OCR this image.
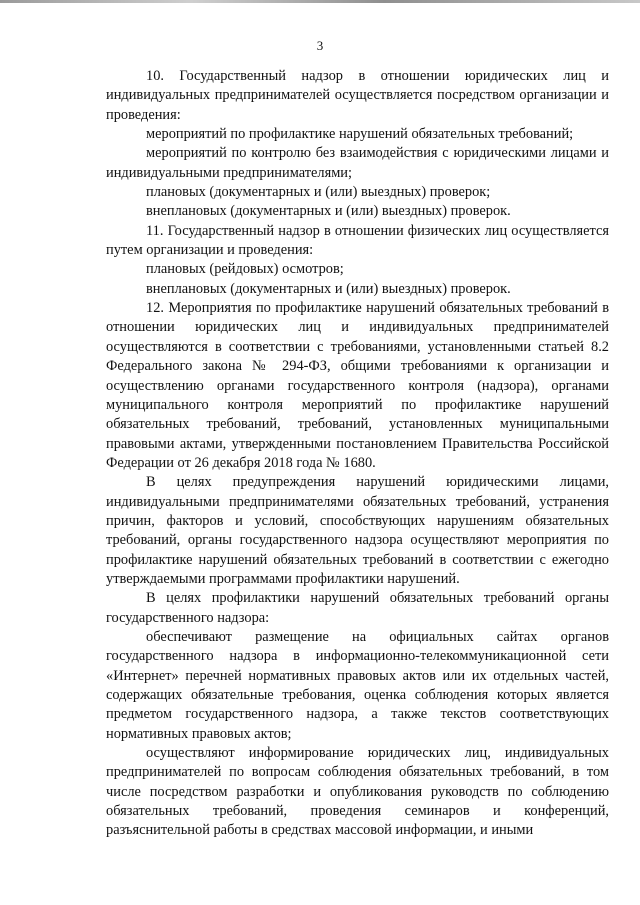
3

10. Государственный надзор в отношении юридических лиц и индивидуальных предпринимателей осуществляется посредством организации и проведения:

мероприятий по профилактике нарушений обязательных требований;

мероприятий по контролю без взаимодействия с юридическими лицами и индивидуальными предпринимателями;

плановых (документарных и (или) выездных) проверок;

внеплановых (документарных и (или) выездных) проверок.

11. Государственный надзор в отношении физических лиц осуществляется путем организации и проведения:

плановых (рейдовых) осмотров;

внеплановых (документарных и (или) выездных) проверок.

12. Мероприятия по профилактике нарушений обязательных требований в отношении юридических лиц и индивидуальных предпринимателей осуществляются в соответствии с требованиями, установленными статьей 8.2 Федерального закона № 294-ФЗ, общими требованиями к организации и осуществлению органами государственного контроля (надзора), органами муниципального контроля мероприятий по профилактике нарушений обязательных требований, требований, установленных муниципальными правовыми актами, утвержденными постановлением Правительства Российской Федерации от 26 декабря 2018 года № 1680.

В целях предупреждения нарушений юридическими лицами, индивидуальными предпринимателями обязательных требований, устранения причин, факторов и условий, способствующих нарушениям обязательных требований, органы государственного надзора осуществляют мероприятия по профилактике нарушений обязательных требований в соответствии с ежегодно утверждаемыми программами профилактики нарушений.

В целях профилактики нарушений обязательных требований органы государственного надзора:

обеспечивают размещение на официальных сайтах органов государственного надзора в информационно-телекоммуникационной сети «Интернет» перечней нормативных правовых актов или их отдельных частей, содержащих обязательные требования, оценка соблюдения которых является предметом государственного надзора, а также текстов соответствующих нормативных правовых актов;

осуществляют информирование юридических лиц, индивидуальных предпринимателей по вопросам соблюдения обязательных требований, в том числе посредством разработки и опубликования руководств по соблюдению обязательных требований, проведения семинаров и конференций, разъяснительной работы в средствах массовой информации, и иными
